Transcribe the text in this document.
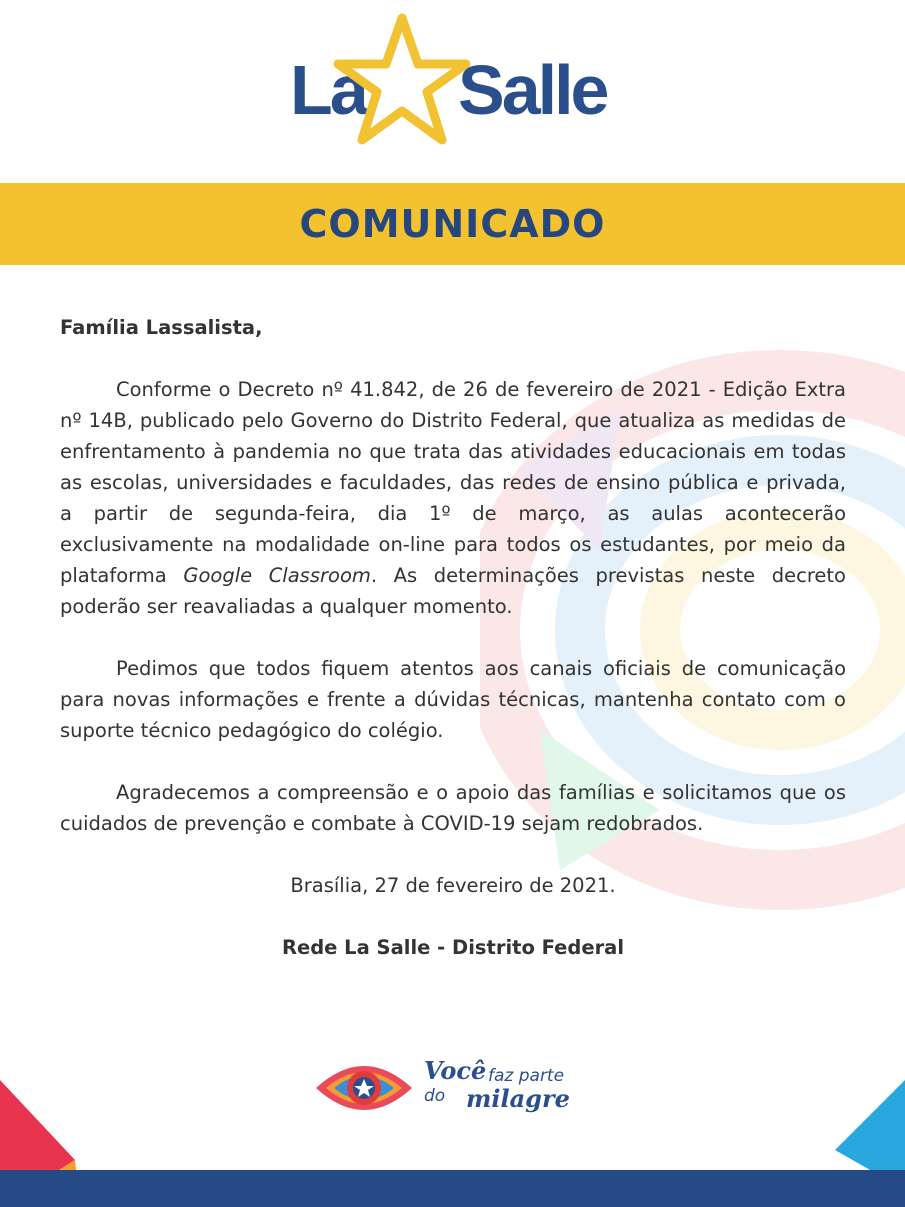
La Salle
COMUNICADO

Família Lassalista,

Conforme o Decreto nº 41.842, de 26 de fevereiro de 2021 - Edição Extra nº 14B, publicado pelo Governo do Distrito Federal, que atualiza as medidas de enfrentamento à pandemia no que trata das atividades educacionais em todas as escolas, universidades e faculdades, das redes de ensino pública e privada, a partir de segunda-feira, dia 1º de março, as aulas acontecerão exclusivamente na modalidade on-line para todos os estudantes, por meio da plataforma Google Classroom. As determinações previstas neste decreto poderão ser reavaliadas a qualquer momento.

Pedimos que todos fiquem atentos aos canais oficiais de comunicação para novas informações e frente a dúvidas técnicas, mantenha contato com o suporte técnico pedagógico do colégio.

Agradecemos a compreensão e o apoio das famílias e solicitamos que os cuidados de prevenção e combate à COVID-19 sejam redobrados.

Brasília, 27 de fevereiro de 2021.

Rede La Salle - Distrito Federal

Você faz parte
do milagre
